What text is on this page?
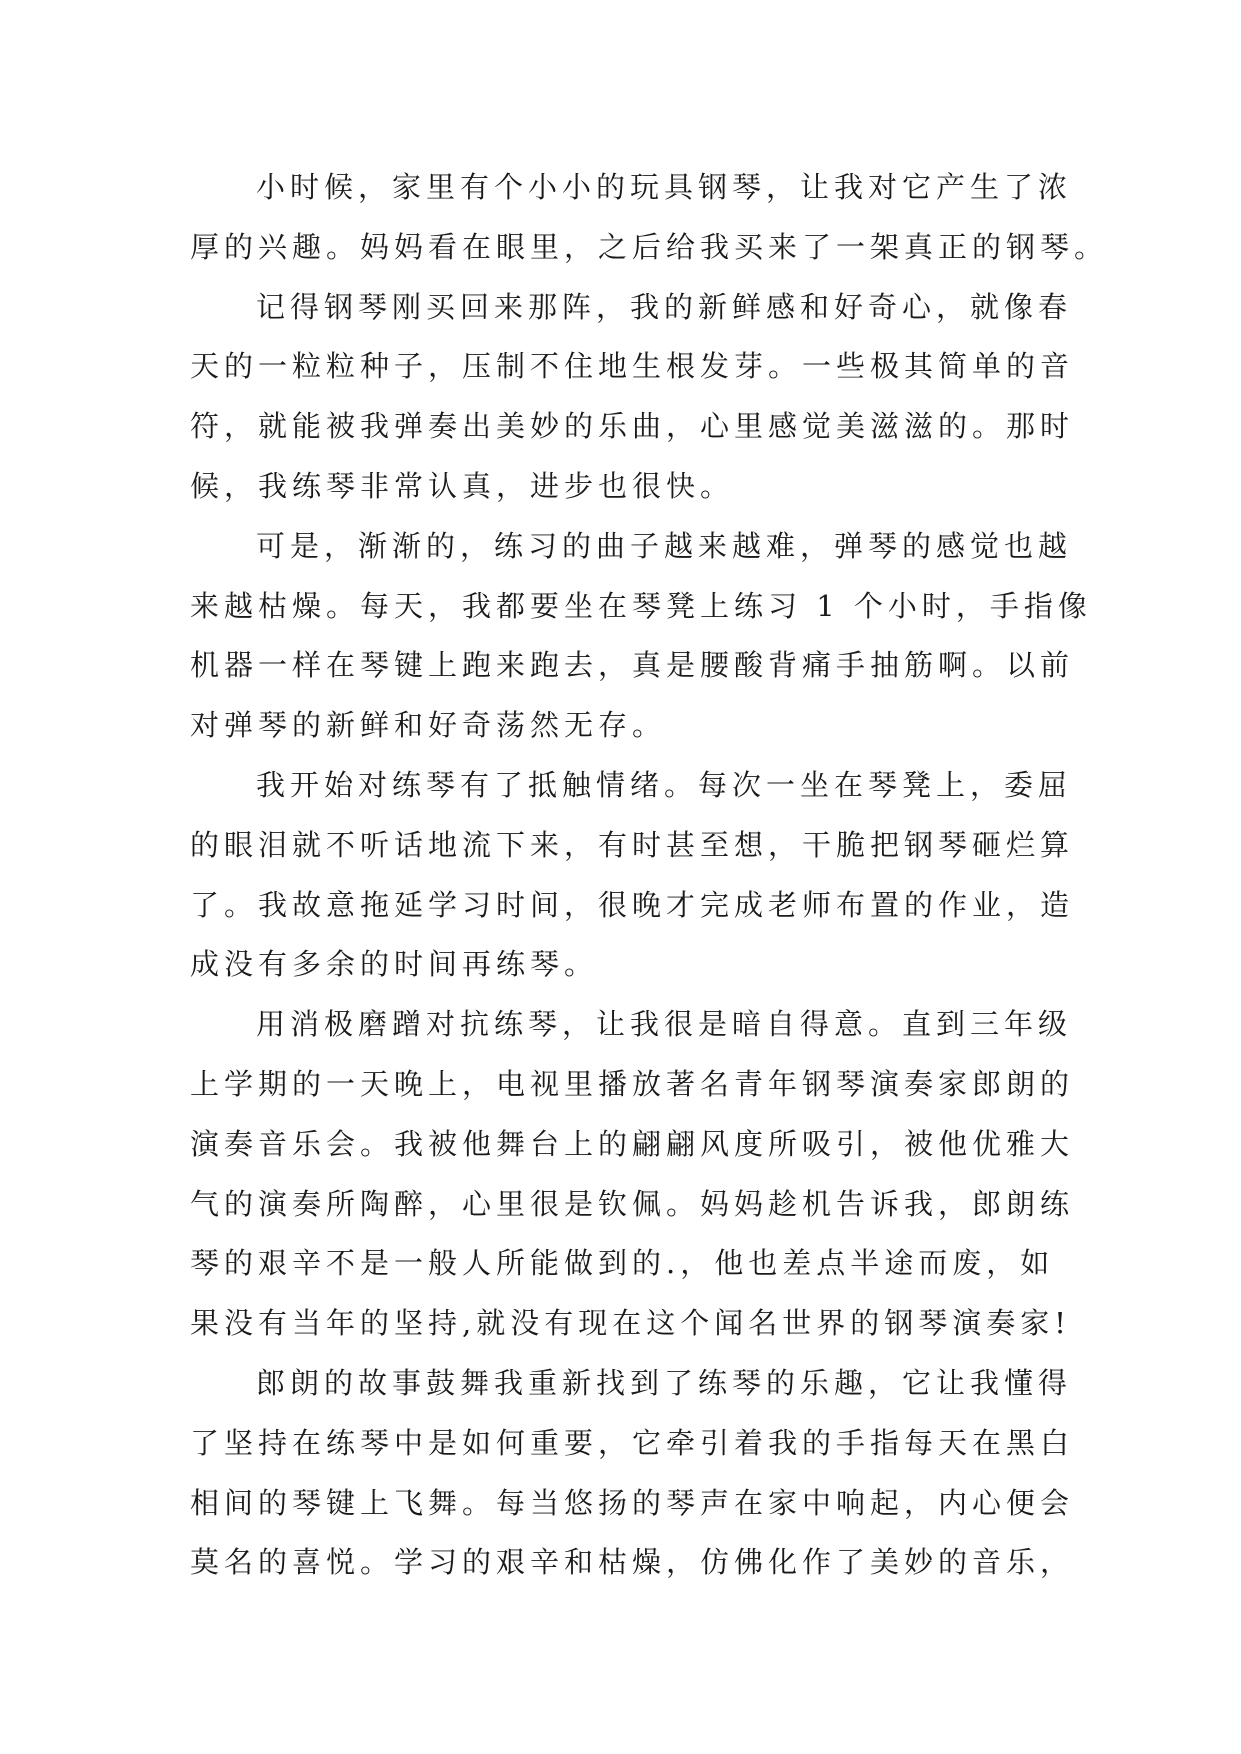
小时候，家里有个小小的玩具钢琴，让我对它产生了浓
厚的兴趣。妈妈看在眼里，之后给我买来了一架真正的钢琴。
记得钢琴刚买回来那阵，我的新鲜感和好奇心，就像春
天的一粒粒种子，压制不住地生根发芽。一些极其简单的音
符，就能被我弹奏出美妙的乐曲，心里感觉美滋滋的。那时
候，我练琴非常认真，进步也很快。
可是，渐渐的，练习的曲子越来越难，弹琴的感觉也越
来越枯燥。每天，我都要坐在琴凳上练习 1 个小时，手指像
机器一样在琴键上跑来跑去，真是腰酸背痛手抽筋啊。以前
对弹琴的新鲜和好奇荡然无存。
我开始对练琴有了抵触情绪。每次一坐在琴凳上，委屈
的眼泪就不听话地流下来，有时甚至想，干脆把钢琴砸烂算
了。我故意拖延学习时间，很晚才完成老师布置的作业，造
成没有多余的时间再练琴。
用消极磨蹭对抗练琴，让我很是暗自得意。直到三年级
上学期的一天晚上，电视里播放著名青年钢琴演奏家郎朗的
演奏音乐会。我被他舞台上的翩翩风度所吸引，被他优雅大
气的演奏所陶醉，心里很是钦佩。妈妈趁机告诉我，郎朗练
琴的艰辛不是一般人所能做到的.，他也差点半途而废，如
果没有当年的坚持,就没有现在这个闻名世界的钢琴演奏家!
郎朗的故事鼓舞我重新找到了练琴的乐趣，它让我懂得
了坚持在练琴中是如何重要，它牵引着我的手指每天在黑白
相间的琴键上飞舞。每当悠扬的琴声在家中响起，内心便会
莫名的喜悦。学习的艰辛和枯燥，仿佛化作了美妙的音乐，
